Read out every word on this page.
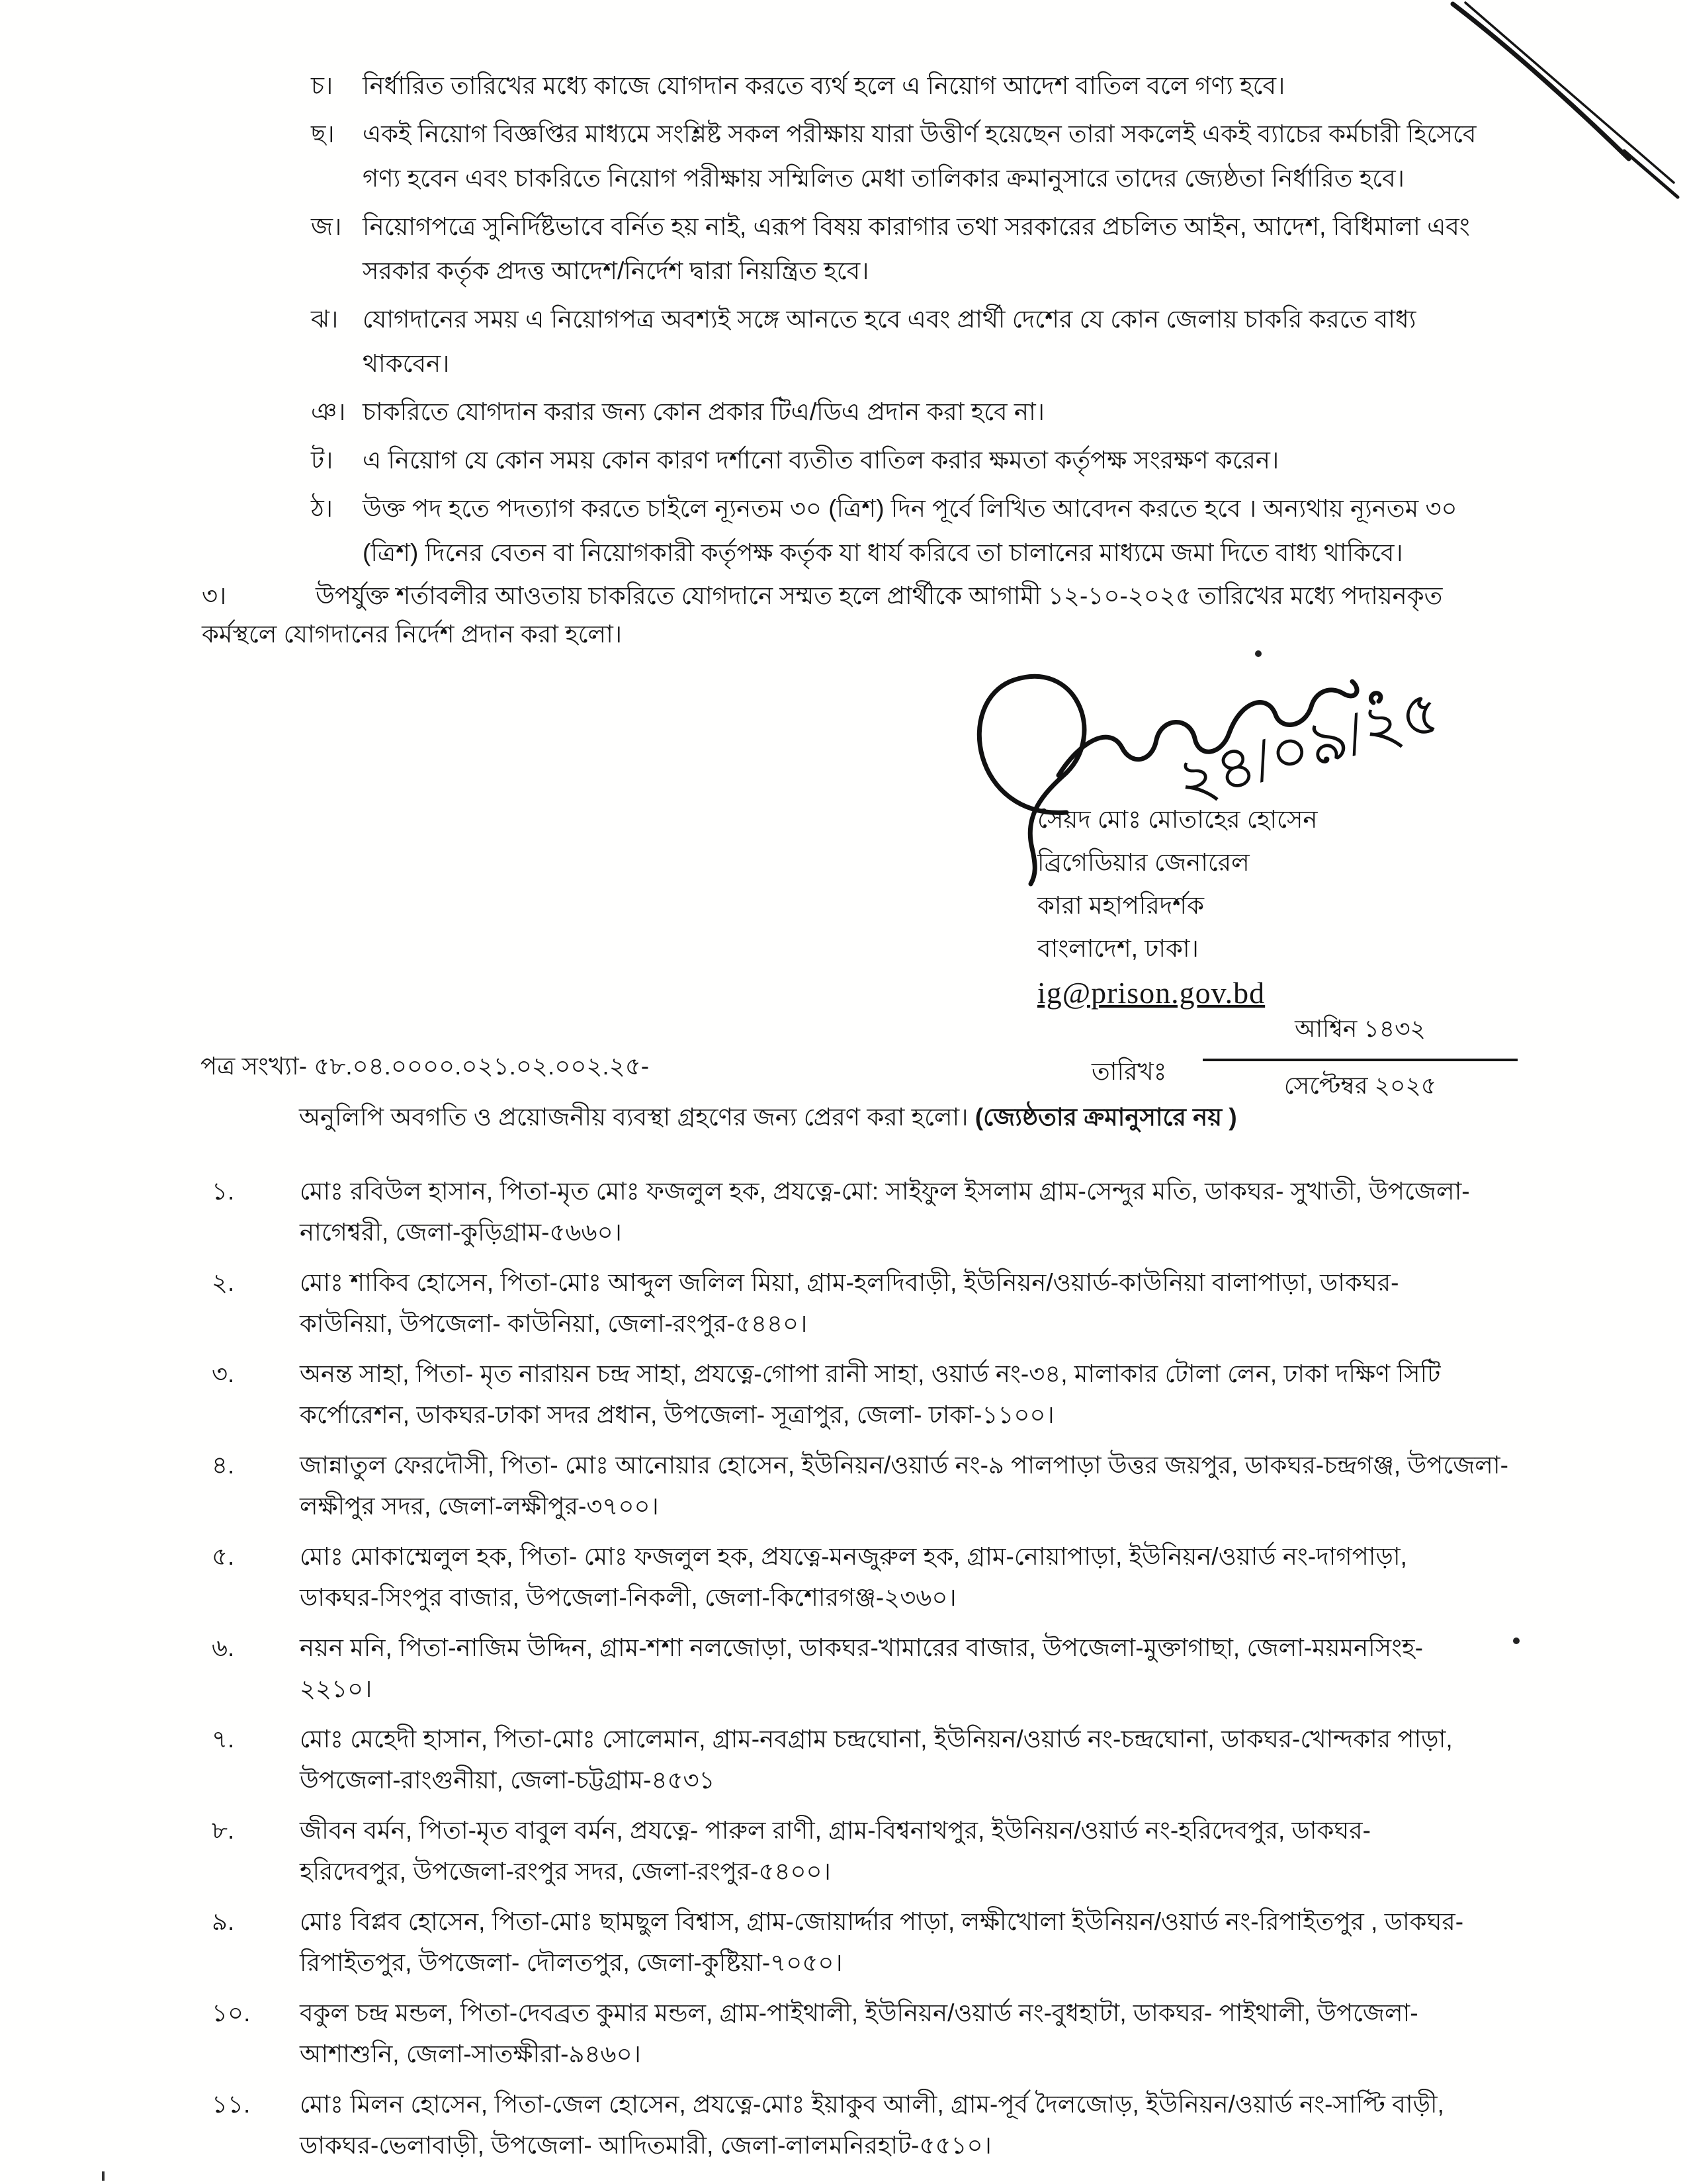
চ।	নির্ধারিত তারিখের মধ্যে কাজে যোগদান করতে ব্যর্থ হলে এ নিয়োগ আদেশ বাতিল বলে গণ্য হবে।
ছ।	একই নিয়োগ বিজ্ঞপ্তির মাধ্যমে সংশ্লিষ্ট সকল পরীক্ষায় যারা উত্তীর্ণ হয়েছেন তারা সকলেই একই ব্যাচের কর্মচারী হিসেবে
গণ্য হবেন এবং চাকরিতে নিয়োগ পরীক্ষায় সম্মিলিত মেধা তালিকার ক্রমানুসারে তাদের জ্যেষ্ঠতা নির্ধারিত হবে।
জ। নিয়োগপত্রে সুনির্দিষ্টভাবে বর্নিত হয় নাই, এরূপ বিষয় কারাগার তথা সরকারের প্রচলিত আইন, আদেশ, বিধিমালা এবং
সরকার কর্তৃক প্রদত্ত আদেশ/নির্দেশ দ্বারা নিয়ন্ত্রিত হবে।
ঝ। যোগদানের সময় এ নিয়োগপত্র অবশ্যই সঙ্গে আনতে হবে এবং প্রার্থী দেশের যে কোন জেলায় চাকরি করতে বাধ্য
থাকবেন।
ঞ। চাকরিতে যোগদান করার জন্য কোন প্রকার টিএ/ডিএ প্রদান করা হবে না।
ট।	এ নিয়োগ যে কোন সময় কোন কারণ দর্শানো ব্যতীত বাতিল করার ক্ষমতা কর্তৃপক্ষ সংরক্ষণ করেন।
ঠ।	উক্ত পদ হতে পদত্যাগ করতে চাইলে ন্যূনতম ৩০ (ত্রিশ) দিন পূর্বে লিখিত আবেদন করতে হবে । অন্যথায় ন্যূনতম ৩০
(ত্রিশ) দিনের বেতন বা নিয়োগকারী কর্তৃপক্ষ কর্তৃক যা ধার্য করিবে তা চালানের মাধ্যমে জমা দিতে বাধ্য থাকিবে।
৩।	উপর্যুক্ত শর্তাবলীর আওতায় চাকরিতে যোগদানে সম্মত হলে প্রার্থীকে আগামী ১২-১০-২০২৫ তারিখের মধ্যে পদায়নকৃত
কর্মস্থলে যোগদানের নির্দেশ প্রদান করা হলো।
সৈয়দ মোঃ মোতাহের হোসেন
ব্রিগেডিয়ার জেনারেল
কারা মহাপরিদর্শক
বাংলাদেশ, ঢাকা।
ig@prison.gov.bd
পত্র সংখ্যা- ৫৮.০৪.০০০০.০২১.০২.০০২.২৫-	তারিখঃ
আশ্বিন ১৪৩২
সেপ্টেম্বর ২০২৫
অনুলিপি অবগতি ও প্রয়োজনীয় ব্যবস্থা গ্রহণের জন্য প্রেরণ করা হলো। (জ্যেষ্ঠতার ক্রমানুসারে নয় )
১.	মোঃ রবিউল হাসান, পিতা-মৃত মোঃ ফজলুল হক, প্রযত্নে-মো: সাইফুল ইসলাম গ্রাম-সেন্দুর মতি, ডাকঘর- সুখাতী, উপজেলা-
নাগেশ্বরী, জেলা-কুড়িগ্রাম-৫৬৬০।
২.	মোঃ শাকিব হোসেন, পিতা-মোঃ আব্দুল জলিল মিয়া, গ্রাম-হলদিবাড়ী, ইউনিয়ন/ওয়ার্ড-কাউনিয়া বালাপাড়া, ডাকঘর-
কাউনিয়া, উপজেলা- কাউনিয়া, জেলা-রংপুর-৫৪৪০।
৩.	অনন্ত সাহা, পিতা- মৃত নারায়ন চন্দ্র সাহা, প্রযত্নে-গোপা রানী সাহা, ওয়ার্ড নং-৩৪, মালাকার টোলা লেন, ঢাকা দক্ষিণ সিটি
কর্পোরেশন, ডাকঘর-ঢাকা সদর প্রধান, উপজেলা- সূত্রাপুর, জেলা- ঢাকা-১১০০।
৪.	জান্নাতুল ফেরদৌসী, পিতা- মোঃ আনোয়ার হোসেন, ইউনিয়ন/ওয়ার্ড নং-৯ পালপাড়া উত্তর জয়পুর, ডাকঘর-চন্দ্রগঞ্জ, উপজেলা-
লক্ষীপুর সদর, জেলা-লক্ষীপুর-৩৭০০।
৫.	মোঃ মোকাম্মেলুল হক, পিতা- মোঃ ফজলুল হক, প্রযত্নে-মনজুরুল হক, গ্রাম-নোয়াপাড়া, ইউনিয়ন/ওয়ার্ড নং-দাগপাড়া,
ডাকঘর-সিংপুর বাজার, উপজেলা-নিকলী, জেলা-কিশোরগঞ্জ-২৩৬০।
৬.	নয়ন মনি, পিতা-নাজিম উদ্দিন, গ্রাম-শশা নলজোড়া, ডাকঘর-খামারের বাজার, উপজেলা-মুক্তাগাছা, জেলা-ময়মনসিংহ-
২২১০।
৭.	মোঃ মেহেদী হাসান, পিতা-মোঃ সোলেমান, গ্রাম-নবগ্রাম চন্দ্রঘোনা, ইউনিয়ন/ওয়ার্ড নং-চন্দ্রঘোনা, ডাকঘর-খোন্দকার পাড়া,
উপজেলা-রাংগুনীয়া, জেলা-চট্টগ্রাম-৪৫৩১
৮.	জীবন বর্মন, পিতা-মৃত বাবুল বর্মন, প্রযত্নে- পারুল রাণী, গ্রাম-বিশ্বনাথপুর, ইউনিয়ন/ওয়ার্ড নং-হরিদেবপুর, ডাকঘর-
হরিদেবপুর, উপজেলা-রংপুর সদর, জেলা-রংপুর-৫৪০০।
৯.	মোঃ বিপ্লব হোসেন, পিতা-মোঃ ছামছুল বিশ্বাস, গ্রাম-জোয়ার্দ্দার পাড়া, লক্ষীখোলা ইউনিয়ন/ওয়ার্ড নং-রিপাইতপুর , ডাকঘর-
রিপাইতপুর, উপজেলা- দৌলতপুর, জেলা-কুষ্টিয়া-৭০৫০।
১০.	বকুল চন্দ্র মন্ডল, পিতা-দেবব্রত কুমার মন্ডল, গ্রাম-পাইথালী, ইউনিয়ন/ওয়ার্ড নং-বুধহাটা, ডাকঘর- পাইথালী, উপজেলা-
আশাশুনি, জেলা-সাতক্ষীরা-৯৪৬০।
১১.	মোঃ মিলন হোসেন, পিতা-জেল হোসেন, প্রযত্নে-মোঃ ইয়াকুব আলী, গ্রাম-পূর্ব দৈলজোড়, ইউনিয়ন/ওয়ার্ড নং-সাপ্টি বাড়ী,
ডাকঘর-ভেলাবাড়ী, উপজেলা- আদিতমারী, জেলা-লালমনিরহাট-৫৫১০।
২৪/০৯/২৫
